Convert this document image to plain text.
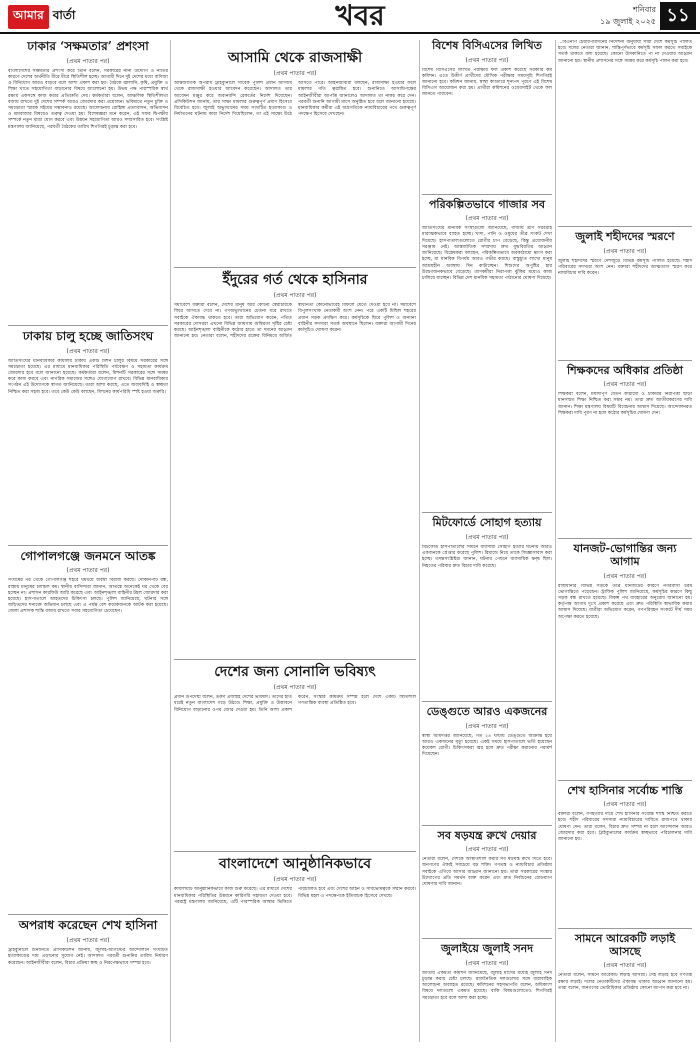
আমার বার্তা	খবর	শনিবার
১৯ জুলাই ২০২৫ ১১
ঢাকার ‘সক্ষমতার’ প্রশংসা
(প্রথম পাতার পর)
বাংলাদেশের সক্ষমতার প্রশংসা করে তিনি বলেন, সরকারের নানা উদ্যোগ ও নীতির কারণে দেশের অর্থনীতি ধীরে ধীরে স্থিতিশীল হচ্ছে। আগামী দিনে দুই দেশের মধ্যে বাণিজ্য ও বিনিয়োগ আরও বাড়বে বলে আশা প্রকাশ করা হয়। বৈঠকে জ্বালানি, কৃষি, প্রযুক্তি ও শিক্ষা খাতে সহযোগিতা বাড়ানোর বিষয়ে আলোচনা হয়। উভয় পক্ষ পারস্পরিক স্বার্থ রক্ষায় একসঙ্গে কাজ করার প্রতিশ্রুতি দেয়। কর্মকর্তারা বলেন, আঞ্চলিক স্থিতিশীলতা বজায় রাখতে দুই দেশের সম্পর্ক আরও জোরদার করা প্রয়োজন। ভবিষ্যতে নতুন চুক্তি ও সমঝোতা স্মারক সইয়ের সম্ভাবনাও রয়েছে। আলোচনায় রোহিঙ্গা প্রত্যাবাসন, অভিবাসন ও শ্রমবাজার বিষয়েও গুরুত্ব দেওয়া হয়। বিশেষজ্ঞরা মনে করেন, এই সফর দ্বিপক্ষীয় সম্পর্কে নতুন মাত্রা যোগ করবে এবং উন্নয়ন সহযোগিতা আরও সম্প্রসারিত হবে। সংশ্লিষ্ট মন্ত্রণালয় জানিয়েছে, পরবর্তী বৈঠকের তারিখ শিগগিরই চূড়ান্ত করা হবে।
ঢাকায় চালু হচ্ছে জাতিসংঘ
(প্রথম পাতার পর)
জাতিসংঘের মানবাধিকার কার্যালয় ঢাকায় একটি মিশন চালুর বিষয়ে সরকারের সঙ্গে সমঝোতা হয়েছে। এর মাধ্যমে মানবাধিকার পরিস্থিতি পর্যবেক্ষণ ও সহায়তা কার্যক্রম জোরদার হবে বলে জানানো হয়েছে। কর্মকর্তারা বলেন, মিশনটি সরকারের সঙ্গে সমন্বয় করে কাজ করবে এবং নাগরিক সমাজের সঙ্গেও যোগাযোগ রাখবে। বিভিন্ন মানবাধিকার সংগঠন এই উদ্যোগকে স্বাগত জানিয়েছে। তারা আশা করছে, এতে জবাবদিহি ও স্বচ্ছতা নিশ্চিত করা সহজ হবে। তবে কেউ কেউ বলছেন, মিশনের কার্যপরিধি স্পষ্ট হওয়া জরুরি।
গোপালগঞ্জে জনমনে আতঙ্ক
(প্রথম পাতার পর)
সংঘর্ষের পর থেকে গোপালগঞ্জ শহরে থমথমে অবস্থা বিরাজ করছে। দোকানপাট বন্ধ, রাস্তায় মানুষের চলাচল কম। স্থানীয় বাসিন্দারা জানান, আতঙ্কে অনেকেই ঘর থেকে বের হচ্ছেন না। প্রশাসন কারফিউ জারি করেছে এবং আইনশৃঙ্খলা বাহিনীর টহল জোরদার করা হয়েছে। হাসপাতালে আহতদের চিকিৎসা চলছে। পুলিশ জানিয়েছে, ঘটনার সঙ্গে জড়িতদের শনাক্তে অভিযান চলছে এবং এ পর্যন্ত বেশ কয়েকজনকে আটক করা হয়েছে। জেলা প্রশাসক শান্তি বজায় রাখতে সবার সহযোগিতা চেয়েছেন।
অপরাধ করেছেন শেখ হাসিনা
(প্রথম পাতার পর)
ট্রাইব্যুনালে শুনানিতে প্রসিকিউশন জানায়, জুলাই-আগস্টের আন্দোলনে সংঘটিত হত্যাকাণ্ডের দায় এড়ানোর সুযোগ নেই। আদালত পরবর্তী শুনানির তারিখ নির্ধারণ করেছেন। আইনজীবীরা বলেন, বিচার প্রক্রিয়া স্বচ্ছ ও নিরপেক্ষভাবে সম্পন্ন হবে।
আসামি থেকে রাজসাক্ষী
(প্রথম পাতার পর)
আন্তর্জাতিক অপরাধ ট্রাইব্যুনালে সাবেক পুলিশ প্রধান আসামি থেকে রাজসাক্ষী হওয়ার আবেদন করেছেন। আদালত তার আবেদন মঞ্জুর করে জবানবন্দি রেকর্ডের নির্দেশ দিয়েছেন। প্রসিকিউশন জানায়, তার সাক্ষ্য মামলার গুরুত্বপূর্ণ প্রমাণ হিসেবে বিবেচিত হবে। জুলাই অভ্যুত্থানের সময় সংঘটিত হত্যাকাণ্ড ও নির্যাতনের ঘটনায় কারা নির্দেশ দিয়েছিলেন, তা এই সাক্ষ্যে উঠে আসতে পারে। আইনজীবীরা বলছেন, রাজসাক্ষী হওয়ার ফলে মামলার গতি ত্বরান্বিত হবে। শুনানিতে আসামিপক্ষের আইনজীবীরা আপত্তি জানালেও আদালত তা নাকচ করে দেন। পরবর্তী শুনানি আগামী মাসে অনুষ্ঠিত হবে বলে জানানো হয়েছে। মানবাধিকার কর্মীরা এই অগ্রগতিকে ন্যায়বিচারের পথে গুরুত্বপূর্ণ পদক্ষেপ হিসেবে দেখছেন।
ইঁদুরের গর্ত থেকে হাসিনার
(প্রথম পাতার পর)
সমাবেশে বক্তারা বলেন, দেশের মানুষ আর কোনো স্বৈরাচারকে ফিরে আসতে দেবে না। গণঅভ্যুত্থানের চেতনা ধরে রাখতে সবাইকে ঐক্যবদ্ধ থাকতে হবে। তারা অভিযোগ করেন, পতিত সরকারের দোসররা এখনো বিভিন্ন জায়গায় অস্থিরতা সৃষ্টির চেষ্টা করছে। আইনশৃঙ্খলা বাহিনীকে কঠোর হাতে তা দমনের আহ্বান জানানো হয়। নেতারা বলেন, শহীদদের রক্তের বিনিময়ে অর্জিত স্বাধীনতা কোনোভাবেই বিফলে যেতে দেওয়া হবে না। সমাবেশে বিপুলসংখ্যক নেতাকর্মী অংশ নেন। পরে একটি মিছিল শহরের প্রধান সড়ক প্রদক্ষিণ করে। কর্মসূচিকে ঘিরে পুলিশ ও অন্যান্য বাহিনীর সদস্যরা সতর্ক অবস্থানে ছিলেন। বক্তারা আগামী দিনের কর্মসূচিও ঘোষণা করেন।
দেশের জন্য সোনালি ভবিষ্যৎ
(প্রথম পাতার পর)
প্রধান উপদেষ্টা বলেন, তরুণ প্রজন্মই দেশের ভবিষ্যৎ। তাদের হাত ধরেই নতুন বাংলাদেশ গড়ে উঠবে। শিক্ষা, প্রযুক্তি ও উদ্ভাবনে বিনিয়োগ বাড়ানোর ওপর জোর দেওয়া হয়। তিনি আশা প্রকাশ করেন, সংস্কার কার্যক্রম সম্পন্ন হলে দেশে একটি স্থিতিশীল গণতান্ত্রিক ব্যবস্থা প্রতিষ্ঠিত হবে।
বাংলাদেশে আনুষ্ঠানিকভাবে
(প্রথম পাতার পর)
কার্যালয়টি আনুষ্ঠানিকভাবে কাজ শুরু করেছে। এর মাধ্যমে দেশের মানবাধিকার পরিস্থিতির উন্নয়নে কারিগরি সহায়তা দেওয়া হবে। পররাষ্ট্র মন্ত্রণালয় জানিয়েছে, এটি পারস্পরিক আস্থার ভিত্তিতে পরিচালিত হবে এবং দেশের আইন ও সার্বভৌমত্বকে সম্মান করবে। বিভিন্ন মহল এ পদক্ষেপকে ইতিবাচক হিসেবে দেখছে।
বিশেষ বিসিএসের লিখিত
(প্রথম পাতার পর)
বিশেষ বিসিএসের লিখিত পরীক্ষার ফল প্রকাশ করেছে সরকারি কর্ম কমিশন। এতে উত্তীর্ণ প্রার্থীদের মৌখিক পরীক্ষার সময়সূচি শিগগিরই জানানো হবে। কমিশন জানায়, স্বাস্থ্য ক্যাডারে শূন্যপদ পূরণে এই বিশেষ বিসিএস আয়োজন করা হয়। প্রার্থীরা কমিশনের ওয়েবসাইট থেকে ফল জানতে পারবেন।
পরিকল্পিতভাবে গাজার সব
(প্রথম পাতার পর)
জাতিসংঘের মানবিক সংস্থাগুলো জানিয়েছে, গাজায় ত্রাণ সরবরাহ মারাত্মকভাবে ব্যাহত হচ্ছে। খাদ্য, পানি ও ওষুধের তীব্র সংকট দেখা দিয়েছে। হাসপাতালগুলোতে রোগীর চাপ বেড়েছে, কিন্তু প্রয়োজনীয় সরঞ্জাম নেই। আন্তর্জাতিক সম্প্রদায় দ্রুত যুদ্ধবিরতির আহ্বান জানিয়েছে। বিশ্লেষকরা বলছেন, পরিকল্পিতভাবে অবকাঠামো ধ্বংস করা হচ্ছে, যা মানবিক বিপর্যয় আরও গভীর করছে। বাস্তুচ্যুত লাখো মানুষ আশ্রয়হীন অবস্থায় দিন কাটাচ্ছেন। শিশুদের অপুষ্টির হার উদ্বেগজনকভাবে বেড়েছে। ত্রাণকর্মীরা নিরাপত্তা ঝুঁকির মধ্যেও কাজ চালিয়ে যাচ্ছেন। বিভিন্ন দেশ মানবিক সহায়তা পাঠানোর ঘোষণা দিয়েছে।
মিটফোর্ডে সোহাগ হত্যায়
(প্রথম পাতার পর)
মিটফোর্ড হাসপাতালের সামনে ব্যবসায়ী সোহাগ হত্যার ঘটনায় আরও একজনকে গ্রেপ্তার করেছে পুলিশ। রিমান্ডে নিয়ে তাকে জিজ্ঞাসাবাদ করা হচ্ছে। তদন্তসংশ্লিষ্টরা জানান, ঘটনার পেছনে ব্যবসায়িক দ্বন্দ্ব ছিল। নিহতের পরিবার দ্রুত বিচার দাবি করেছে।
ডেঙ্গুতে আরও একজনের
(প্রথম পাতার পর)
স্বাস্থ্য অধিদপ্তর জানিয়েছে, গত ২৪ ঘণ্টায় ডেঙ্গুতে আক্রান্ত হয়ে আরও একজনের মৃত্যু হয়েছে। একই সময়ে হাসপাতালে ভর্তি হয়েছেন কয়েকশ রোগী। চিকিৎসকরা জ্বর হলে দ্রুত পরীক্ষা করানোর পরামর্শ দিয়েছেন।
সব ষড়যন্ত্র রুখে দেয়ার
(প্রথম পাতার পর)
নেতারা বলেন, দেশকে অস্থিতিশীল করার সব ষড়যন্ত্র রুখে দিতে হবে। জনগণের ঐক্যই সবচেয়ে বড় শক্তি। গণতন্ত্র ও ন্যায়বিচার প্রতিষ্ঠায় সবাইকে এগিয়ে আসার আহ্বান জানানো হয়। তারা সরকারের সংস্কার উদ্যোগের প্রতি সমর্থন ব্যক্ত করেন এবং দ্রুত নির্বাচনের রোডম্যাপ ঘোষণার দাবি জানান।
জুলাইয়ে জুলাই সনদ
(প্রথম পাতার পর)
জাতীয় ঐকমত্য কমিশন জানিয়েছে, জুলাই মাসের মধ্যেই জুলাই সনদ চূড়ান্ত করার চেষ্টা চলছে। রাজনৈতিক দলগুলোর সঙ্গে ধারাবাহিক আলোচনা অব্যাহত রয়েছে। কমিশনের সহসভাপতি বলেন, অধিকাংশ বিষয়ে দলগুলো একমত হয়েছে। বাকি বিষয়গুলোতেও শিগগিরই সমঝোতা হবে বলে আশা করা হচ্ছে।
...বিএনপি চেয়ারপারসনের নির্দেশনা অনুযায়ী সারা দেশে কর্মসূচি পালিত হবে। দলের নেতারা জানান, শান্তিপূর্ণভাবে কর্মসূচি সফল করতে সবাইকে সতর্ক থাকতে বলা হয়েছে। কোনো উসকানিতে পা না দেওয়ার আহ্বান জানানো হয়। স্থানীয় প্রশাসনের সঙ্গে সমন্বয় করে কর্মসূচি পালন করা হবে।
জুলাই শহীদদের স্মরণে
(প্রথম পাতার পর)
জুলাই শহীদদের স্মরণে দেশজুড়ে বিভিন্ন কর্মসূচি পালিত হয়েছে। শহীদ পরিবারের সদস্যরা অংশ নেন। বক্তারা শহীদদের আত্মত্যাগ স্মরণ করে ন্যায়বিচার দাবি করেন।
শিক্ষকদের অধিকার প্রতিষ্ঠা
(প্রথম পাতার পর)
শিক্ষকরা বলেন, মর্যাদাপূর্ণ বেতন কাঠামো ও চাকরির নিরাপত্তা ছাড়া মানসম্মত শিক্ষা নিশ্চিত করা সম্ভব নয়। তারা দ্রুত জাতীয়করণের দাবি জানান। শিক্ষা মন্ত্রণালয় বিষয়টি বিবেচনার আশ্বাস দিয়েছে। আন্দোলনরত শিক্ষকরা দাবি পূরণ না হলে কঠোর কর্মসূচির ঘোষণা দেন।
যানজট-ভোগান্তির জন্য আগাম
(প্রথম পাতার পর)
রাজধানীর বিভিন্ন সড়কে তীব্র যানজটের কারণে নগরবাসী চরম ভোগান্তিতে পড়েছেন। ট্রাফিক পুলিশ জানিয়েছে, কর্মসূচির কারণে কিছু সড়ক বন্ধ রাখতে হয়েছে। বিকল্প পথ ব্যবহারের অনুরোধ জানানো হয়। কর্তৃপক্ষ আগাম দুঃখ প্রকাশ করেছে এবং দ্রুত পরিস্থিতি স্বাভাবিক করার আশ্বাস দিয়েছে। যাত্রীরা অভিযোগ করেন, গণপরিবহন সংকটে দীর্ঘ সময় অপেক্ষা করতে হয়েছে।
শেখ হাসিনার সর্বোচ্চ শাস্তি
(প্রথম পাতার পর)
বক্তারা বলেন, গণহত্যার দায়ে শেখ হাসিনার সর্বোচ্চ শাস্তি নিশ্চিত করতে হবে। শহীদ পরিবারের সদস্যরা ন্যায়বিচারের দাবিতে রাজপথে থাকার ঘোষণা দেন। তারা বলেন, বিচার দ্রুত সম্পন্ন না হলে আন্দোলন আরও জোরদার করা হবে। ট্রাইব্যুনালের কার্যক্রম স্বচ্ছভাবে পরিচালনার দাবি জানানো হয়।
সামনে আরেকটি লড়াই আসছে
(প্রথম পাতার পর)
নেতারা বলেন, সামনে আরেকটি লড়াই আসছে। সেই লড়াই হবে গণতন্ত্র রক্ষার লড়াই। দলের নেতাকর্মীদের ঐক্যবদ্ধ থাকার আহ্বান জানানো হয়। তারা বলেন, জনগণের ভোটাধিকার প্রতিষ্ঠায় কোনো আপস করা হবে না।
